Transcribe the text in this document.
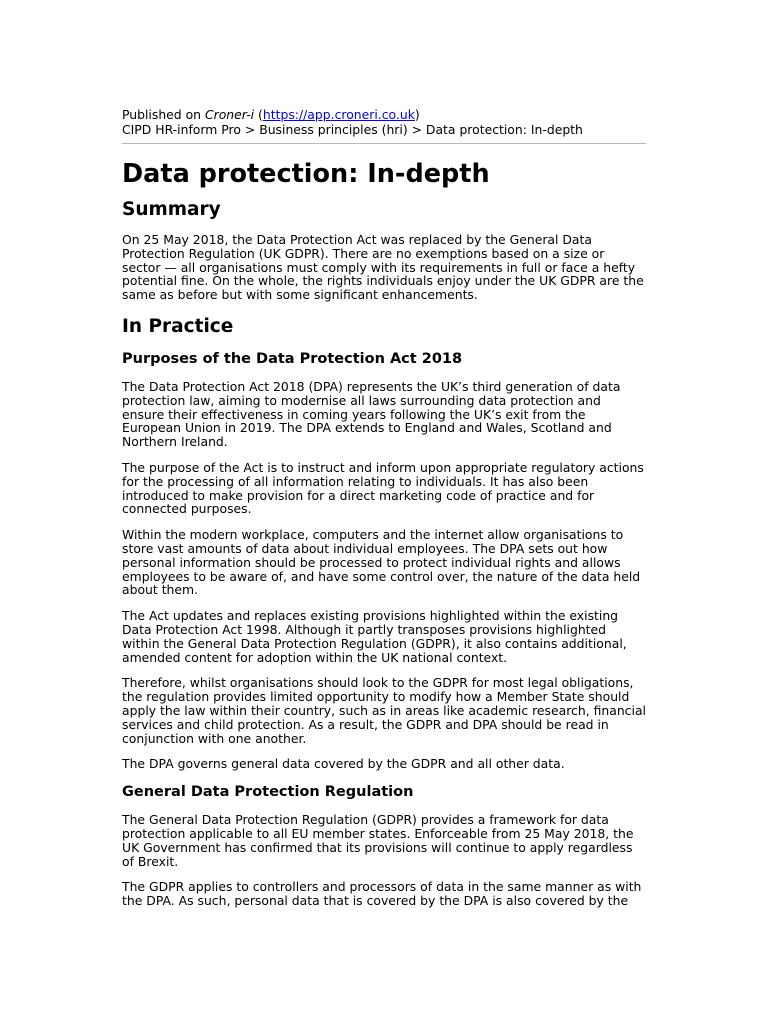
Published on Croner-i (https://app.croneri.co.uk)
CIPD HR-inform Pro > Business principles (hri) > Data protection: In-depth
Data protection: In-depth
Summary

On 25 May 2018, the Data Protection Act was replaced by the General Data Protection Regulation (UK GDPR). There are no exemptions based on a size or sector — all organisations must comply with its requirements in full or face a hefty potential fine. On the whole, the rights individuals enjoy under the UK GDPR are the same as before but with some significant enhancements.

In Practice
Purposes of the Data Protection Act 2018

The Data Protection Act 2018 (DPA) represents the UK’s third generation of data protection law, aiming to modernise all laws surrounding data protection and ensure their effectiveness in coming years following the UK’s exit from the European Union in 2019. The DPA extends to England and Wales, Scotland and Northern Ireland.

The purpose of the Act is to instruct and inform upon appropriate regulatory actions for the processing of all information relating to individuals. It has also been introduced to make provision for a direct marketing code of practice and for connected purposes.

Within the modern workplace, computers and the internet allow organisations to store vast amounts of data about individual employees. The DPA sets out how personal information should be processed to protect individual rights and allows employees to be aware of, and have some control over, the nature of the data held about them.

The Act updates and replaces existing provisions highlighted within the existing Data Protection Act 1998. Although it partly transposes provisions highlighted within the General Data Protection Regulation (GDPR), it also contains additional, amended content for adoption within the UK national context.

Therefore, whilst organisations should look to the GDPR for most legal obligations, the regulation provides limited opportunity to modify how a Member State should apply the law within their country, such as in areas like academic research, financial services and child protection. As a result, the GDPR and DPA should be read in conjunction with one another.

The DPA governs general data covered by the GDPR and all other data.

General Data Protection Regulation

The General Data Protection Regulation (GDPR) provides a framework for data protection applicable to all EU member states. Enforceable from 25 May 2018, the UK Government has confirmed that its provisions will continue to apply regardless of Brexit.

The GDPR applies to controllers and processors of data in the same manner as with the DPA. As such, personal data that is covered by the DPA is also covered by the
